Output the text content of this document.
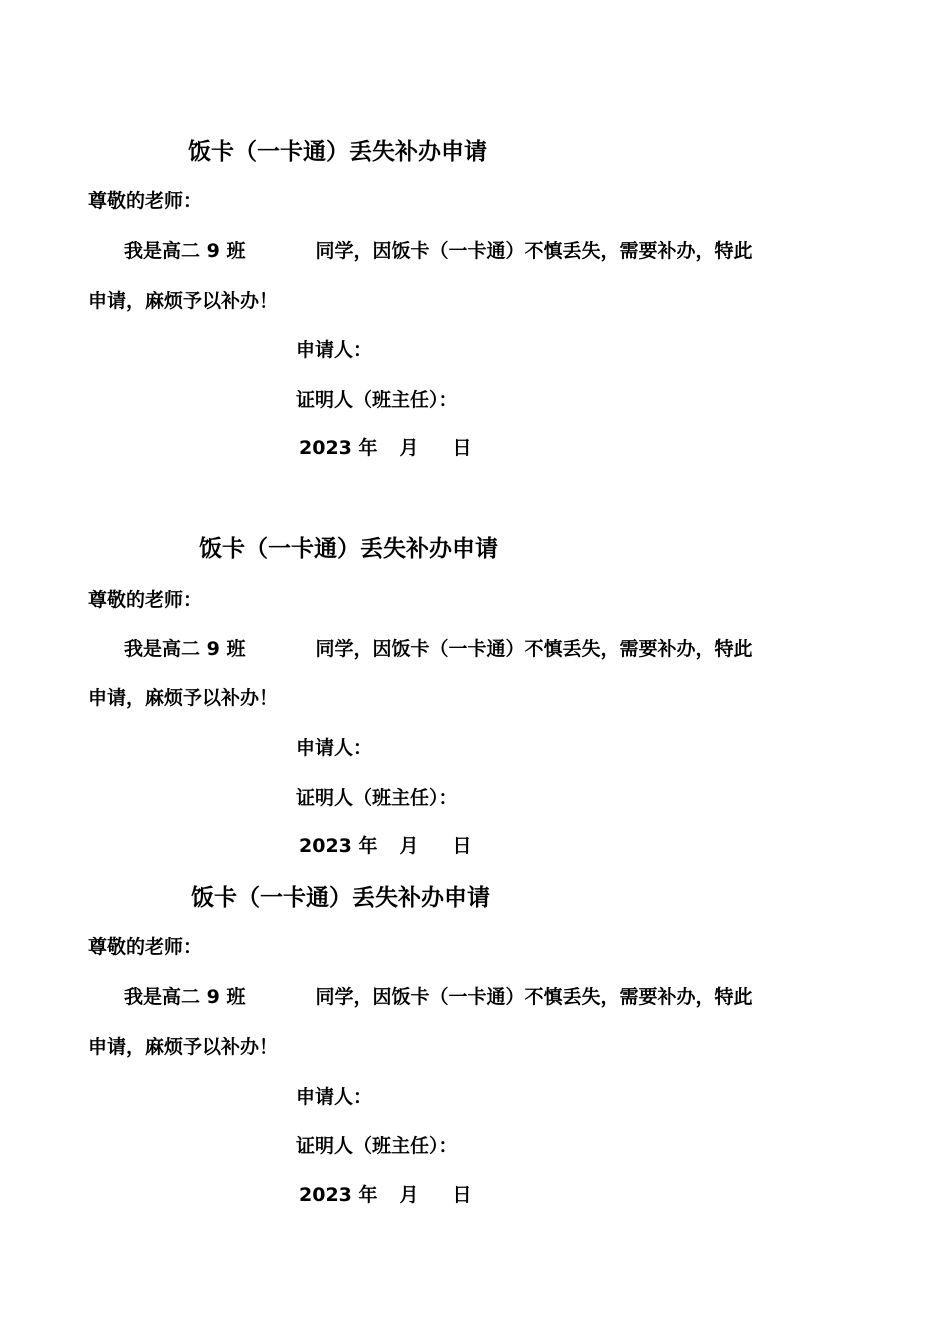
饭卡（一卡通）丢失补办申请
尊敬的老师：
我是高二 9 班	同学，因饭卡（一卡通）不慎丢失，需要补办，特此
申请，麻烦予以补办！
申请人：
证明人（班主任）：
2023 年 月 日
饭卡（一卡通）丢失补办申请
尊敬的老师：
我是高二 9 班	同学，因饭卡（一卡通）不慎丢失，需要补办，特此
申请，麻烦予以补办！
申请人：
证明人（班主任）：
2023 年 月 日
饭卡（一卡通）丢失补办申请
尊敬的老师：
我是高二 9 班	同学，因饭卡（一卡通）不慎丢失，需要补办，特此
申请，麻烦予以补办！
申请人：
证明人（班主任）：
2023 年 月 日
